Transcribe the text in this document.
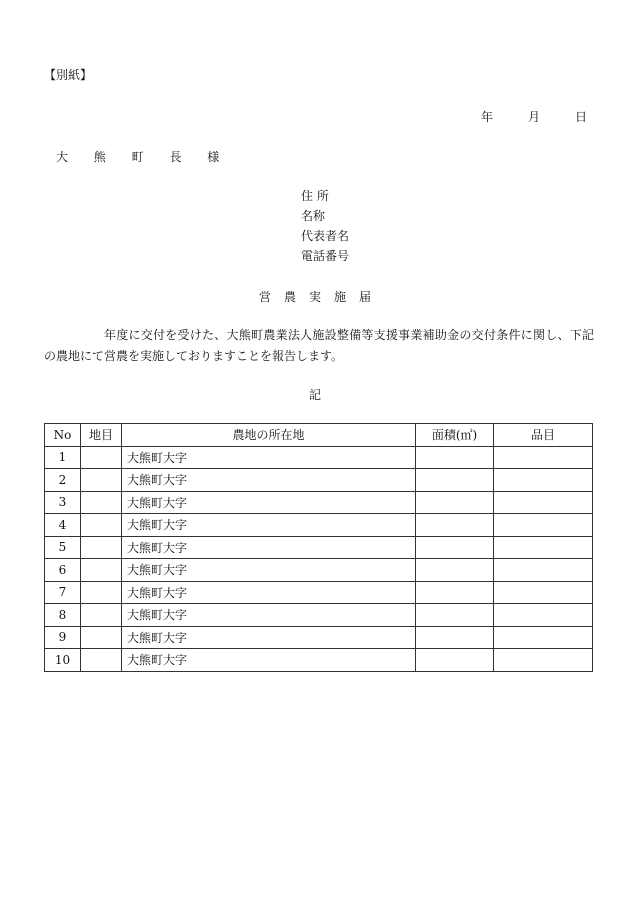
【別紙】
年	月	日
大 熊 町 長 様
住 所
名称
代表者名
電話番号
営農実施届
年度に交付を受けた、大熊町農業法人施設整備等支援事業補助金の交付条件に関し、下記の農地にて営農を実施しておりますことを報告します。
記
No	地目	農地の所在地	面積(㎡)	品目
1		大熊町大字		
2		大熊町大字		
3		大熊町大字		
4		大熊町大字		
5		大熊町大字		
6		大熊町大字		
7		大熊町大字		
8		大熊町大字		
9		大熊町大字		
10		大熊町大字		
